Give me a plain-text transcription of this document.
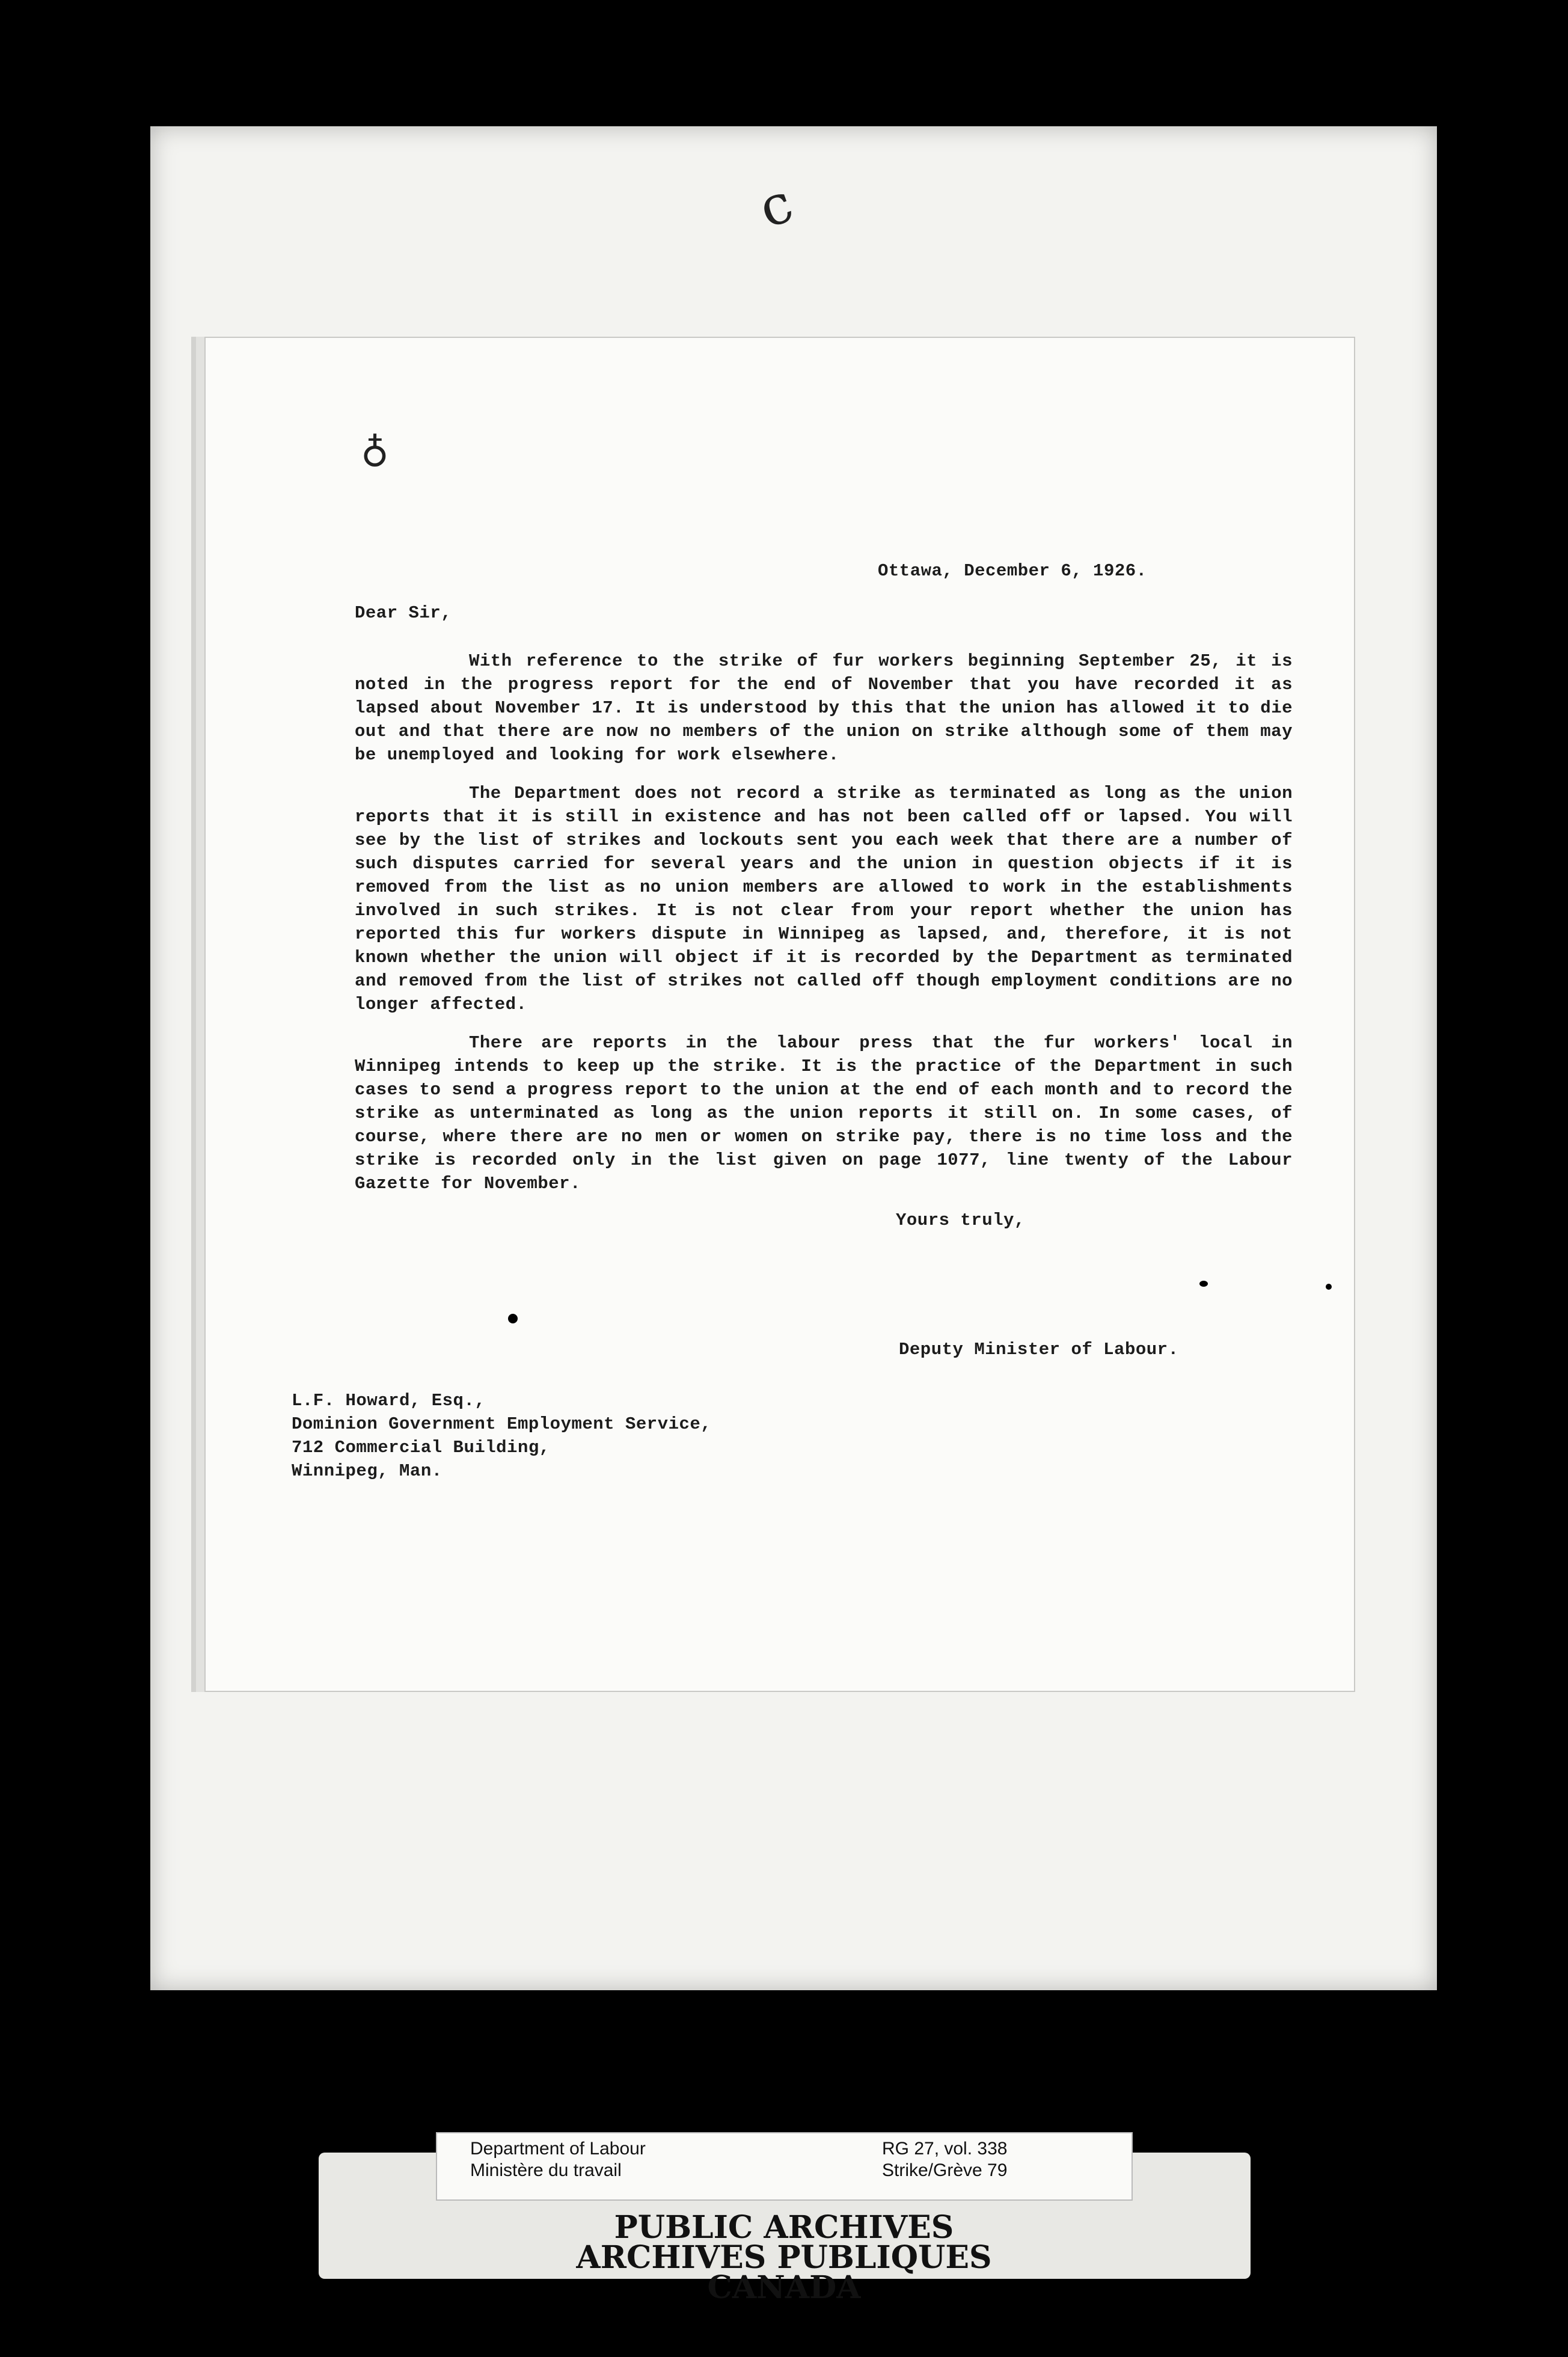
c
♁
Ottawa, December 6, 1926.
Dear Sir,
With reference to the strike of fur workers beginning September 25, it is noted in the progress report for the end of November that you have recorded it as lapsed about November 17. It is understood by this that the union has allowed it to die out and that there are now no members of the union on strike although some of them may be unemployed and looking for work elsewhere.
The Department does not record a strike as terminated as long as the union reports that it is still in existence and has not been called off or lapsed. You will see by the list of strikes and lockouts sent you each week that there are a number of such disputes carried for several years and the union in question objects if it is removed from the list as no union members are allowed to work in the establishments involved in such strikes. It is not clear from your report whether the union has reported this fur workers dispute in Winnipeg as lapsed, and, therefore, it is not known whether the union will object if it is recorded by the Department as terminated and removed from the list of strikes not called off though employment conditions are no longer affected.
There are reports in the labour press that the fur workers' local in Winnipeg intends to keep up the strike. It is the practice of the Department in such cases to send a progress report to the union at the end of each month and to record the strike as unterminated as long as the union reports it still on. In some cases, of course, where there are no men or women on strike pay, there is no time loss and the strike is recorded only in the list given on page 1077, line twenty of the Labour Gazette for November.
Yours truly,
Deputy Minister of Labour.
L.F. Howard, Esq.,
Dominion Government Employment Service,
712 Commercial Building,
Winnipeg, Man.
Department of Labour
Ministère du travail
RG 27, vol. 338
Strike/Grève 79
PUBLIC ARCHIVES
ARCHIVES PUBLIQUES
CANADA
